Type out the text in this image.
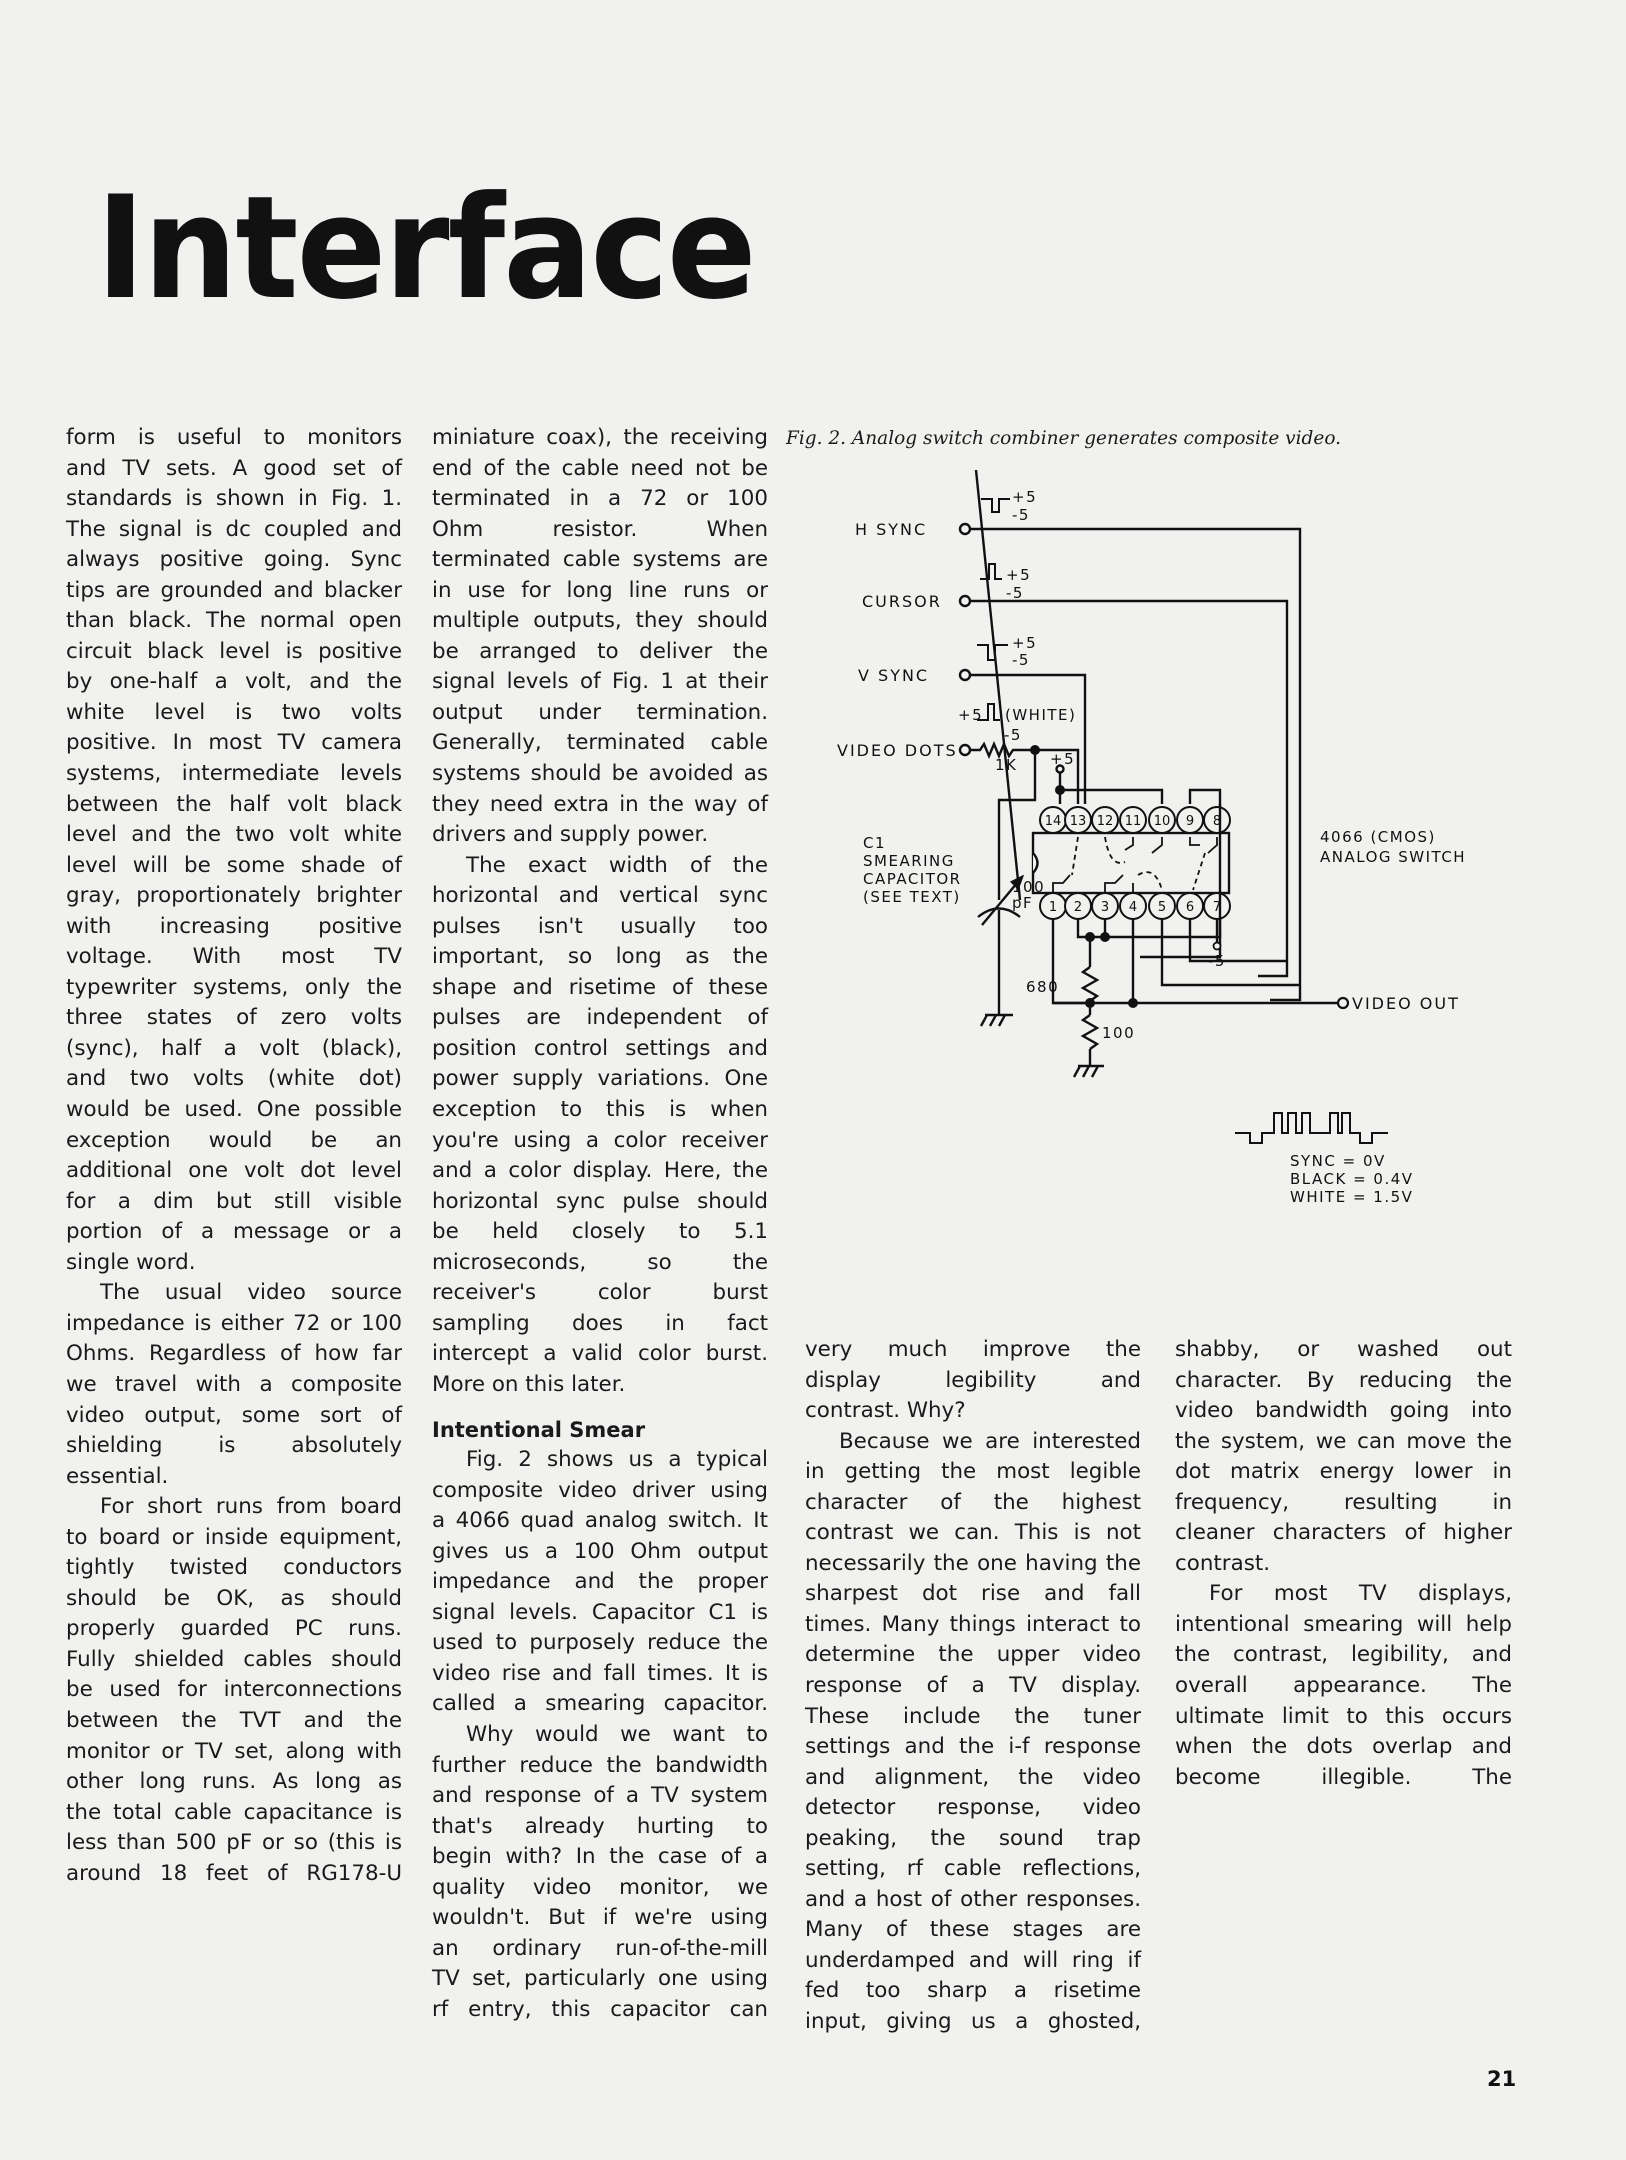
Interface
form is useful to monitors
and TV sets. A good set of
standards is shown in Fig. 1.
The signal is dc coupled and
always positive going. Sync
tips are grounded and blacker
than black. The normal open
circuit black level is positive
by one-half a volt, and the
white level is two volts
positive. In most TV camera
systems, intermediate levels
between the half volt black
level and the two volt white
level will be some shade of
gray, proportionately brighter
with increasing positive
voltage. With most TV
typewriter systems, only the
three states of zero volts
(sync), half a volt (black),
and two volts (white dot)
would be used. One possible
exception would be an
additional one volt dot level
for a dim but still visible
portion of a message or a
single word.
The usual video source
impedance is either 72 or 100
Ohms. Regardless of how far
we travel with a composite
video output, some sort of
shielding is absolutely
essential.
For short runs from board
to board or inside equipment,
tightly twisted conductors
should be OK, as should
properly guarded PC runs.
Fully shielded cables should
be used for interconnections
between the TVT and the
monitor or TV set, along with
other long runs. As long as
the total cable capacitance is
less than 500 pF or so (this is
around 18 feet of RG178-U
miniature coax), the receiving
end of the cable need not be
terminated in a 72 or 100
Ohm resistor. When
terminated cable systems are
in use for long line runs or
multiple outputs, they should
be arranged to deliver the
signal levels of Fig. 1 at their
output under termination.
Generally, terminated cable
systems should be avoided as
they need extra in the way of
drivers and supply power.
The exact width of the
horizontal and vertical sync
pulses isn't usually too
important, so long as the
shape and risetime of these
pulses are independent of
position control settings and
power supply variations. One
exception to this is when
you're using a color receiver
and a color display. Here, the
horizontal sync pulse should
be held closely to 5.1
microseconds, so the
receiver's color burst
sampling does in fact
intercept a valid color burst.
More on this later.
Intentional Smear
Fig. 2 shows us a typical
composite video driver using
a 4066 quad analog switch. It
gives us a 100 Ohm output
impedance and the proper
signal levels. Capacitor C1 is
used to purposely reduce the
video rise and fall times. It is
called a smearing capacitor.
Why would we want to
further reduce the bandwidth
and response of a TV system
that's already hurting to
begin with? In the case of a
quality video monitor, we
wouldn't. But if we're using
an ordinary run-of-the-mill
TV set, particularly one using
rf entry, this capacitor can
very much improve the
display legibility and
contrast. Why?
Because we are interested
in getting the most legible
character of the highest
contrast we can. This is not
necessarily the one having the
sharpest dot rise and fall
times. Many things interact to
determine the upper video
response of a TV display.
These include the tuner
settings and the i-f response
and alignment, the video
detector response, video
peaking, the sound trap
setting, rf cable reflections,
and a host of other responses.
Many of these stages are
underdamped and will ring if
fed too sharp a risetime
input, giving us a ghosted,
shabby, or washed out
character. By reducing the
video bandwidth going into
the system, we can move the
dot matrix energy lower in
frequency, resulting in
cleaner characters of higher
contrast.
For most TV displays,
intentional smearing will help
the contrast, legibility, and
overall appearance. The
ultimate limit to this occurs
when the dots overlap and
become illegible. The
Fig. 2. Analog switch combiner generates composite video.
14 13 12 11 10 9 8
1 2 3 4 5 6 7
H SYNC
CURSOR
V SYNC
VIDEO DOTS
+5
-5
+5
-5
+5
-5
+5 (WHITE)
-5
1K +5
-5
C1
SMEARING
CAPACITOR
(SEE TEXT)
100
pF
4066 (CMOS)
ANALOG SWITCH
680
100
VIDEO OUT
SYNC = 0V
BLACK = 0.4V
WHITE = 1.5V
21
